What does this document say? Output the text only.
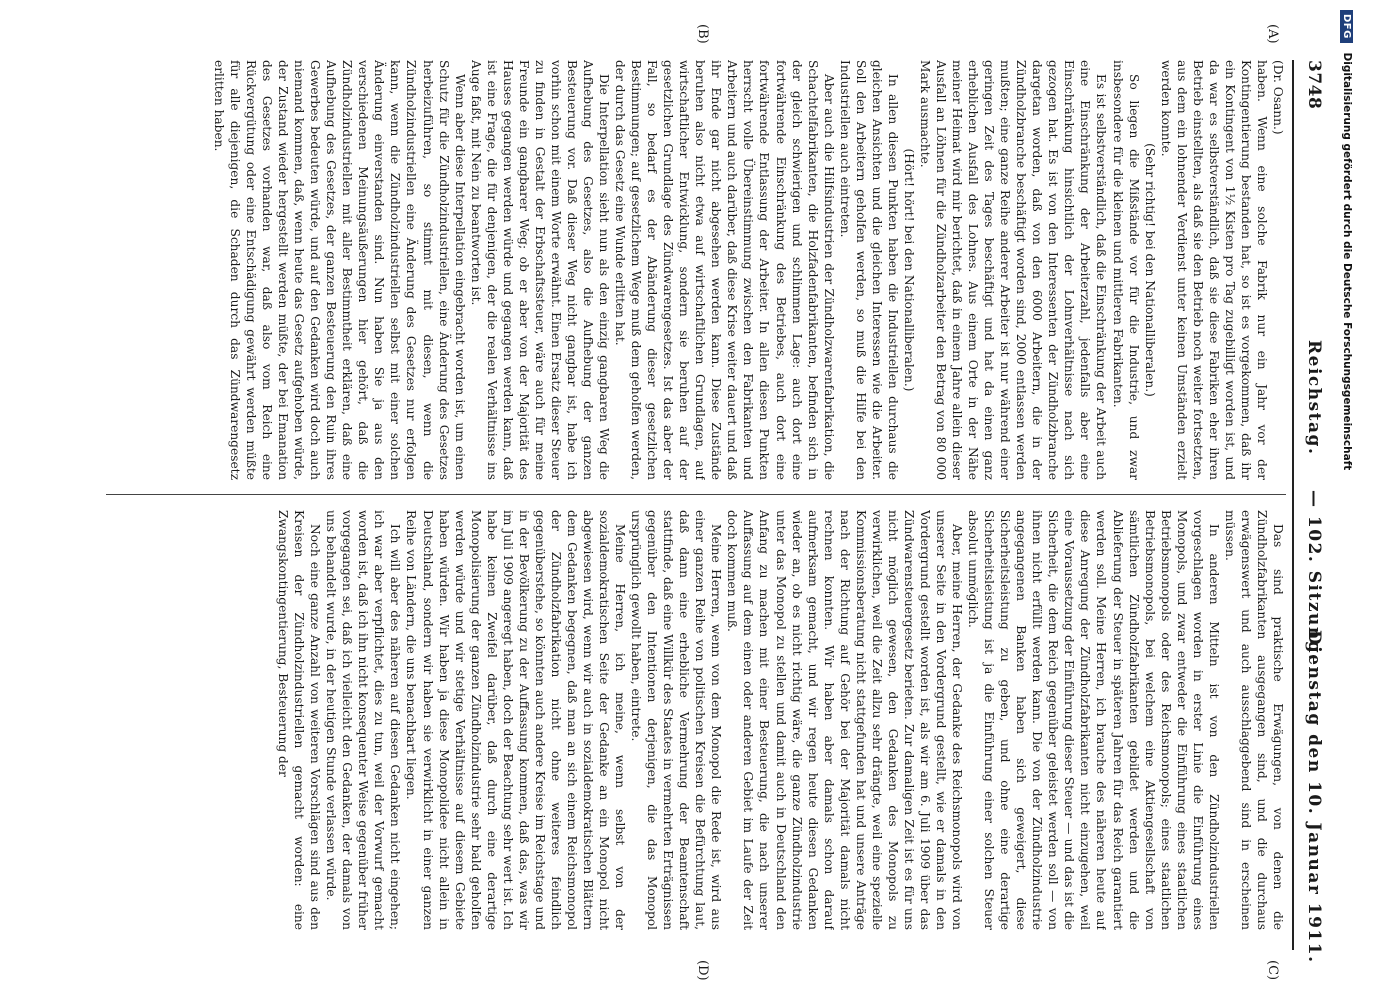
3748
Reichstag.
— 102. Sitzung.
Dienstag den 10. Januar 1911.
(A)
(B)
(C)
(D)

(Dr. Osann.)

haben. Wenn eine solche Fabrik nur ein Jahr vor der Kontingentierung bestanden hat, so ist es vorgekommen, daß ihr ein Kontingent von 1½ Kisten pro Tag zugebilligt worden ist, und da war es selbstverständlich, daß sie diese Fabriken eher ihren Betrieb einstellten, als daß sie den Betrieb noch weiter fortsetzten, aus dem ein lohnender Verdienst unter keinen Umständen erzielt werden konnte.

(Sehr richtig! bei den Nationalliberalen.)

So liegen die Mißstände vor für die Industrie, und zwar insbesondere für die kleinen und mittleren Fabrikanten.

Es ist selbstverständlich, daß die Einschränkung der Arbeit auch eine Einschränkung der Arbeiterzahl, jedenfalls aber eine Einschränkung hinsichtlich der Lohnverhältnisse nach sich gezogen hat. Es ist von den Interessenten der Zündholzbranche dargetan worden, daß von den 6000 Arbeitern, die in der Zündholzbranche beschäftigt worden sind, 2000 entlassen werden mußten; eine ganze Reihe anderer Arbeiter ist nur während einer geringen Zeit des Tages beschäftigt und hat da einen ganz erheblichen Ausfall des Lohnes. Aus einem Orte in der Nähe meiner Heimat wird mir berichtet, daß in einem Jahre allein dieser Ausfall an Löhnen für die Zündholzarbeiter den Betrag von 80 000 Mark ausmachte.

(Hört! hört! bei den Nationalliberalen.)

In allen diesen Punkten haben die Industriellen durchaus die gleichen Ansichten und die gleichen Interessen wie die Arbeiter. Soll den Arbeitern geholfen werden, so muß die Hilfe bei den Industriellen auch eintreten.

Aber auch die Hilfsindustrien der Zündholzwarenfabrikation, die Schachtelfabrikanten, die Holzfadenfabrikanten, befinden sich in der gleich schwierigen und schlimmen Lage: auch dort eine fortwährende Einschränkung des Betriebes, auch dort eine fortwährende Entlassung der Arbeiter. In allen diesen Punkten herrscht volle Übereinstimmung zwischen den Fabrikanten und Arbeitern und auch darüber, daß diese Krise weiter dauert und daß ihr Ende gar nicht abgesehen werden kann. Diese Zustände beruhen also nicht etwa auf wirtschaftlichen Grundlagen, auf wirtschaftlicher Entwicklung, sondern sie beruhen auf der gesetzlichen Grundlage des Zündwarengesetzes. Ist das aber der Fall, so bedarf es der Abänderung dieser gesetzlichen Bestimmungen; auf gesetzlichem Wege muß dem geholfen werden, der durch das Gesetz eine Wunde erlitten hat.

Die Interpellation sieht nun als den einzig gangbaren Weg die Aufhebung des Gesetzes, also die Aufhebung der ganzen Besteuerung vor. Daß dieser Weg nicht gangbar ist, habe ich vorhin schon mit einem Worte erwähnt. Einen Ersatz dieser Steuer zu finden in Gestalt der Erbschaftssteuer, wäre auch für meine Freunde ein gangbarer Weg; ob er aber von der Majorität des Hauses gegangen werden würde und gegangen werden kann, daß ist eine Frage, die für denjenigen, der die realen Verhältnisse ins Auge faßt, mit Nein zu beantworten ist.

Wenn aber diese Interpellation eingebracht worden ist, um einen Schutz für die Zündholzindustriellen, eine Änderung des Gesetzes herbeizuführen, so stimmt mit diesen, wenn die Zündholzindustriellen eine Änderung des Gesetzes nur erfolgen kann, wenn die Zündholzindustriellen selbst mit einer solchen Änderung einverstanden sind. Nun haben Sie ja aus den verschiedenen Meinungsäußerungen hier gehört, daß die Zündholzindustriellen mit aller Bestimmtheit erklären, daß eine Aufhebung des Gesetzes, der ganzen Besteuerung den Ruin ihres Gewerbes bedeuten würde, und auf den Gedanken wird doch auch niemand kommen, daß, wenn heute das Gesetz aufgehoben würde, der Zustand wieder hergestellt werden müßte, der bei Emanation des Gesetzes vorhanden war, daß also vom Reich eine Rückvergütung oder eine Entschädigung gewährt werden müßte für alle diejenigen, die Schaden durch das Zündwarengesetz erlitten haben.

Das sind praktische Erwägungen, von denen die Zündholzfabrikanten ausgegangen sind, und die durchaus erwägenswert und auch ausschlaggebend sind in erscheinen müssen.

In anderen Mitteln ist von den Zündholzindustriellen vorgeschlagen worden in erster Linie die Einführung eines Monopols, und zwar entweder die Einführung eines staatlichen Betriebsmonopols oder des Reichsmonopols; eines staatlichen Betriebsmonopols, bei welchem eine Aktiengesellschaft von sämtlichen Zündholzfabrikanten gebildet werden und die Ablieferung der Steuer in späteren Jahren für das Reich garantiert werden soll. Meine Herren, ich brauche des näheren heute auf diese Anregung der Zündholzfabrikanten nicht einzugehen, weil eine Voraussetzung der Einführung dieser Steuer — und das ist die Sicherheit, die dem Reich gegenüber geleistet werden soll — von ihnen nicht erfüllt werden kann. Die von der Zündholzindustrie angegangenen Banken haben sich geweigert, diese Sicherheitsleistung zu geben, und ohne eine derartige Sicherheitsleistung ist ja die Einführung einer solchen Steuer absolut unmöglich.

Aber, meine Herren, der Gedanke des Reichsmonopols wird von unserer Seite in den Vordergrund gestellt, wie er damals in den Vordergrund gestellt worden ist, als wir am 6. Juli 1909 über das Zündwarensteuergesetz berieten. Zur damaligen Zeit ist es für uns nicht möglich gewesen, den Gedanken des Monopols zu verwirklichen, weil die Zeit allzu sehr drängte, weil eine spezielle Kommissionsberatung nicht stattgefunden hat und unsere Anträge nach der Richtung auf Gehör bei der Majorität damals nicht rechnen konnten. Wir haben aber damals schon darauf aufmerksam gemacht, und wir regen heute diesen Gedanken wieder an, ob es nicht richtig wäre, die ganze Zündholzindustrie unter das Monopol zu stellen und damit auch in Deutschland den Anfang zu machen mit einer Besteuerung, die nach unserer Auffassung auf dem einen oder anderen Gebiet im Laufe der Zeit doch kommen muß.

Meine Herren, wenn von dem Monopol die Rede ist, wird aus einer ganzen Reihe von politischen Kreisen die Befürchtung laut, daß dann eine erhebliche Vermehrung der Beamtenschaft stattfinde, daß eine Willkür des Staates in vermehrten Erträgnissen gegenüber den Intentionen derjenigen, die das Monopol ursprünglich gewollt haben, eintrete.

Meine Herren, ich meine, wenn selbst von der sozialdemokratischen Seite der Gedanke an ein Monopol nicht abgewiesen wird, wenn wir auch in sozialdemokratischen Blättern dem Gedanken begegnen, daß man an sich einem Reichsmonopol der Zündholzfabrikation nicht ohne weiteres feindlich gegenüberstehe, so könnten auch andere Kreise im Reichstage und in der Bevölkerung zu der Auffassung kommen, daß das, was wir im Juli 1909 angeregt haben, doch der Beachtung sehr wert ist. Ich habe keinen Zweifel darüber, daß durch eine derartige Monopolisierung der ganzen Zündholzindustrie sehr bald geholfen werden würde und wir stetige Verhältnisse auf diesem Gebiete haben würden. Wir haben ja diese Monopolidee nicht allein in Deutschland, sondern wir haben sie verwirklicht in einer ganzen Reihe von Ländern, die uns benachbart liegen.

Ich will aber des näheren auf diesen Gedanken nicht eingehen; ich war aber verpflichtet, dies zu tun, weil der Vorwurf gemacht worden ist, daß ich ihn nicht konsequenter Weise gegenüber früher vorgegangen sei, daß ich vielleicht den Gedanken, der damals von uns behandelt wurde, in der heutigen Stunde verlassen würde.

Noch eine ganze Anzahl von weiteren Vorschlägen sind aus den Kreisen der Zündholzindustriellen gemacht worden: eine Zwangskontingentierung, Besteuerung der

DFG Digitalisierung gefördert durch die Deutsche Forschungsgemeinschaft
